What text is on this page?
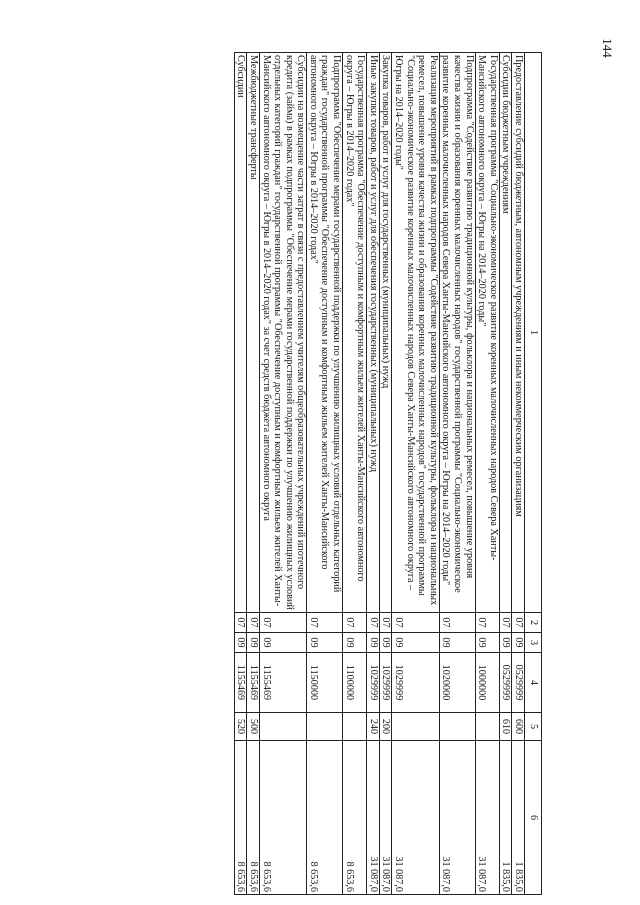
144
1	2	3	4	5	6
Предоставление субсидий бюджетным, автономным учреждениям и иным некоммерческим организациям	07	09	0529999	600	1 835,0
Субсидии бюджетным учреждениям	07	09	0529999	610	1 835,0
Государственная программа "Социально-экономическое развитие коренных малочисленных народов Севера Ханты-Мансийского автономного округа – Югры на 2014–2020 годы"	07	09	1000000		31 087,0
Подпрограмма "Содействие развитию традиционной культуры, фольклора и национальных ремесел, повышение уровня качества жизни и образования коренных малочисленных народов" государственной программы "Социально-экономическое развитие коренных малочисленных народов Севера Ханты-Мансийского автономного округа – Югры на 2014–2020 годы"	07	09	1020000		31 087,0
Реализация мероприятий в рамках подпрограммы "Содействие развитию традиционной культуры, фольклора и национальных ремесел, повышение уровня качества жизни и образования коренных малочисленных народов" государственной программы "Социально-экономическое развитие коренных малочисленных народов Севера Ханты-Мансийского автономного округа – Югры на 2014–2020 годы"	07	09	1029999		31 087,0
Закупка товаров, работ и услуг для государственных (муниципальных) нужд	07	09	1029999	200	31 087,0
Иные закупки товаров, работ и услуг для обеспечения государственных (муниципальных) нужд	07	09	1029999	240	31 087,0
Государственная программа "Обеспечение доступным и комфортным жильем жителей Ханты-Мансийского автономного округа – Югры в 2014–2020 годах"	07	09	1100000		8 653,6
Подпрограмма "Обеспечение мерами государственной поддержки по улучшению жилищных условий отдельных категорий граждан" государственной программы "Обеспечение доступным и комфортным жильем жителей Ханты-Мансийского автономного округа – Югры в 2014–2020 годах"	07	09	1150000		8 653,6
Субсидии на возмещение части затрат в связи с предоставлением учителям общеобразовательных учреждений ипотечного кредита (займа) в рамках подпрограммы "Обеспечение мерами государственной поддержки по улучшению жилищных условий отдельных категорий граждан" государственной программы "Обеспечение доступным и комфортным жильем жителей Ханты-Мансийского автономного округа – Югры в 2014–2020 годах" за счет средств бюджета автономного округа	07	09	1155469		8 653,6
Межбюджетные трансферты	07	09	1155469	500	8 653,6
Субсидии	07	09	1155469	520	8 653,6
